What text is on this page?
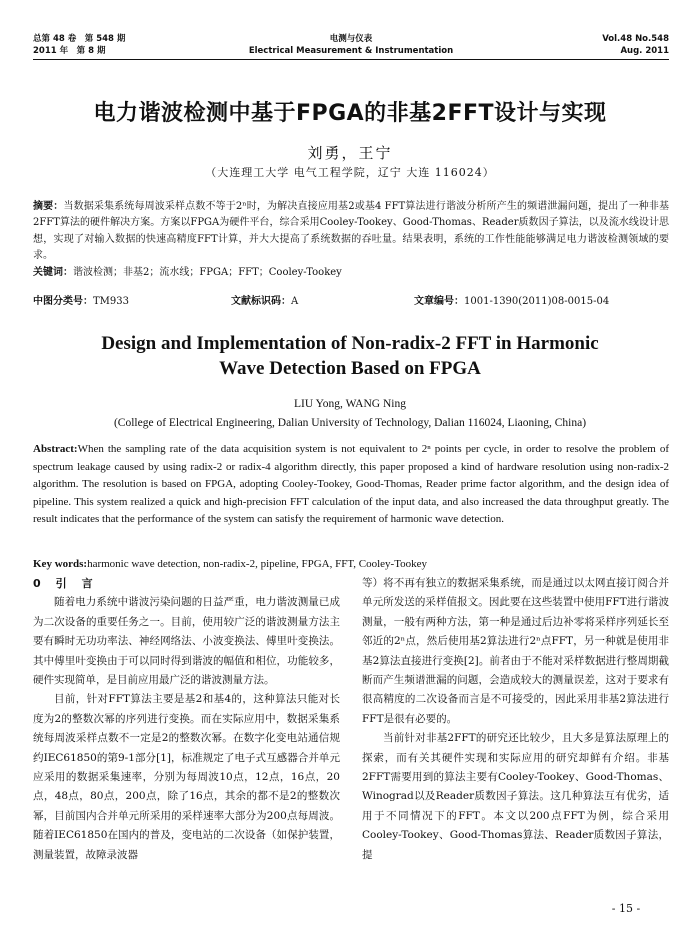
总第 48 卷　第 548 期
2011 年　第 8 期
电测与仪表
Electrical Measurement & Instrumentation
Vol.48 No.548
Aug. 2011
电力谐波检测中基于FPGA的非基2FFT设计与实现
刘勇，王宁
（大连理工大学 电气工程学院，辽宁 大连 116024）
摘要：当数据采集系统每周波采样点数不等于2ⁿ时，为解决直接应用基2或基4 FFT算法进行谐波分析所产生的频谱泄漏问题，提出了一种非基2FFT算法的硬件解决方案。方案以FPGA为硬件平台，综合采用Cooley-Tookey、Good-Thomas、Reader质数因子算法，以及流水线设计思想，实现了对输入数据的快速高精度FFT计算，并大大提高了系统数据的吞吐量。结果表明，系统的工作性能能够满足电力谐波检测领域的要求。
关键词：谐波检测；非基2；流水线；FPGA；FFT；Cooley-Tookey
中图分类号：TM933	文献标识码：A	文章编号：1001-1390(2011)08-0015-04
Design and Implementation of Non-radix-2 FFT in Harmonic
Wave Detection Based on FPGA
LIU Yong, WANG Ning
(College of Electrical Engineering, Dalian University of Technology, Dalian 116024, Liaoning, China)
Abstract:When the sampling rate of the data acquisition system is not equivalent to 2ⁿ points per cycle, in order to resolve the problem of spectrum leakage caused by using radix-2 or radix-4 algorithm directly, this paper proposed a kind of hardware resolution using non-radix-2 algorithm. The resolution is based on FPGA, adopting Cooley-Tookey, Good-Thomas, Reader prime factor algorithm, and the design idea of pipeline. This system realized a quick and high-precision FFT calculation of the input data, and also increased the data throughput greatly. The result indicates that the performance of the system can satisfy the requirement of harmonic wave detection.
Key words:harmonic wave detection, non-radix-2, pipeline, FPGA, FFT, Cooley-Tookey
0　引　言

随着电力系统中谐波污染问题的日益严重，电力谐波测量已成为二次设备的重要任务之一。目前，使用较广泛的谐波测量方法主要有瞬时无功功率法、神经网络法、小波变换法、傅里叶变换法。其中傅里叶变换由于可以同时得到谐波的幅值和相位，功能较多，硬件实现简单，是目前应用最广泛的谐波测量方法。

目前，针对FFT算法主要是基2和基4的，这种算法只能对长度为2的整数次幂的序列进行变换。而在实际应用中，数据采集系统每周波采样点数不一定是2的整数次幂。在数字化变电站通信规约IEC61850的第9-1部分[1]，标准规定了电子式互感器合并单元应采用的数据采集速率，分别为每周波10点，12点，16点，20点，48点，80点，200点，除了16点，其余的都不是2的整数次幂，目前国内合并单元所采用的采样速率大部分为200点每周波。随着IEC61850在国内的普及，变电站的二次设备（如保护装置，测量装置，故障录波器

等）将不再有独立的数据采集系统，而是通过以太网直接订阅合并单元所发送的采样值报文。因此要在这些装置中使用FFT进行谐波测量，一般有两种方法，第一种是通过后边补零将采样序列延长至邻近的2ⁿ点，然后使用基2算法进行2ⁿ点FFT，另一种就是使用非基2算法直接进行变换[2]。前者由于不能对采样数据进行整周期截断而产生频谱泄漏的问题，会造成较大的测量误差，这对于要求有很高精度的二次设备而言是不可接受的，因此采用非基2算法进行FFT是很有必要的。

当前针对非基2FFT的研究还比较少，且大多是算法原理上的探索，而有关其硬件实现和实际应用的研究却鲜有介绍。非基2FFT需要用到的算法主要有Cooley-Tookey、Good-Thomas、Winograd以及Reader质数因子算法。这几种算法互有优劣，适用于不同情况下的FFT。本文以200点FFT为例，综合采用Cooley-Tookey、Good-Thomas算法、Reader质数因子算法，提

- 15 -
